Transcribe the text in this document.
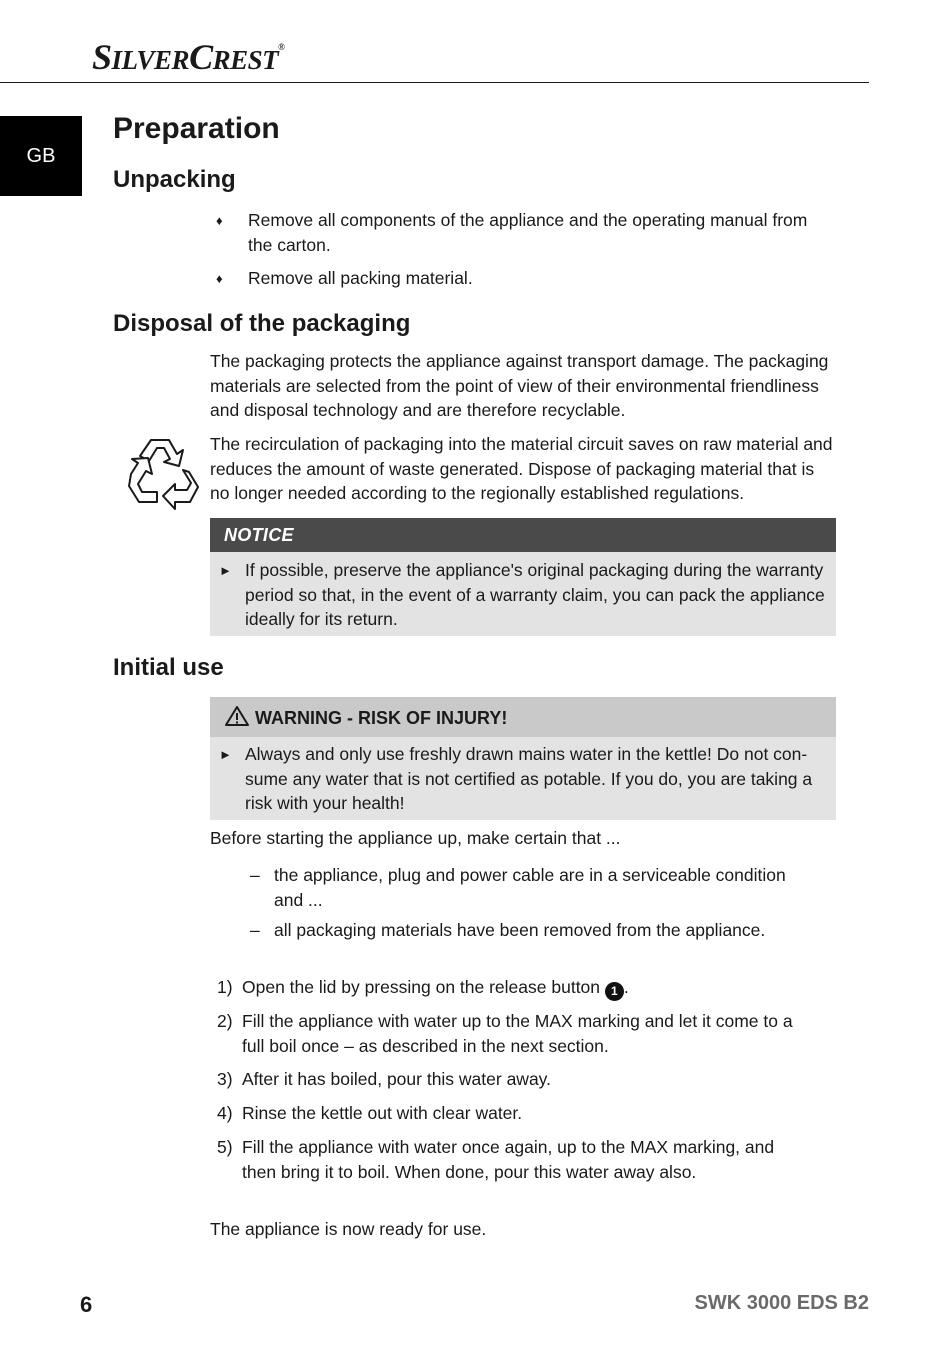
SILVERCREST®
GB
Preparation
Unpacking
♦ Remove all components of the appliance and the operating manual from
the carton.

♦ Remove all packing material.

Disposal of the packaging

The packaging protects the appliance against transport damage. The packaging
materials are selected from the point of view of their environmental friendliness
and disposal technology and are therefore recyclable.

The recirculation of packaging into the material circuit saves on raw material and
reduces the amount of waste generated. Dispose of packaging material that is
no longer needed according to the regionally established regulations.

NOTICE
► If possible, preserve the appliance's original packaging during the warranty
period so that, in the event of a warranty claim, you can pack the appliance
ideally for its return.

Initial use
WARNING - RISK OF INJURY!
► Always and only use freshly drawn mains water in the kettle! Do not con-
sume any water that is not certified as potable. If you do, you are taking a
risk with your health!

Before starting the appliance up, make certain that ...

– the appliance, plug and power cable are in a serviceable condition
and ...

– all packaging materials have been removed from the appliance.

1) Open the lid by pressing on the release button 1 .

2) Fill the appliance with water up to the MAX marking and let it come to a
full boil once – as described in the next section.

3) After it has boiled, pour this water away.

4) Rinse the kettle out with clear water.

5) Fill the appliance with water once again, up to the MAX marking, and
then bring it to boil. When done, pour this water away also.

The appliance is now ready for use.

6	SWK 3000 EDS B2
